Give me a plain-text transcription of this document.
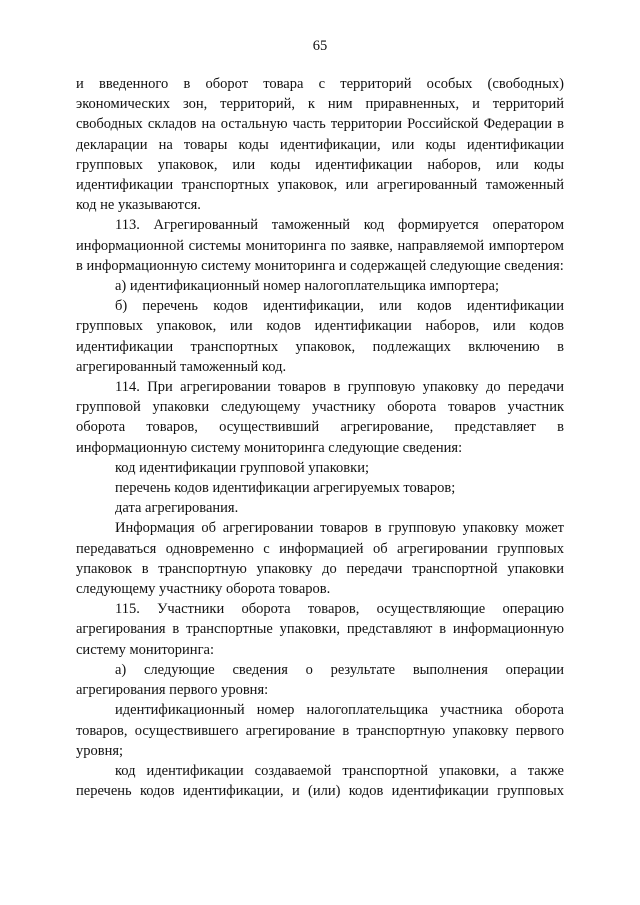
65

и введенного в оборот товара с территорий особых (свободных) экономических зон, территорий, к ним приравненных, и территорий свободных складов на остальную часть территории Российской Федерации в декларации на товары коды идентификации, или коды идентификации групповых упаковок, или коды идентификации наборов, или коды идентификации транспортных упаковок, или агрегированный таможенный код не указываются.

113. Агрегированный таможенный код формируется оператором информационной системы мониторинга по заявке, направляемой импортером в информационную систему мониторинга и содержащей следующие сведения:

а) идентификационный номер налогоплательщика импортера;

б) перечень кодов идентификации, или кодов идентификации групповых упаковок, или кодов идентификации наборов, или кодов идентификации транспортных упаковок, подлежащих включению в агрегированный таможенный код.

114. При агрегировании товаров в групповую упаковку до передачи групповой упаковки следующему участнику оборота товаров участник оборота товаров, осуществивший агрегирование, представляет в информационную систему мониторинга следующие сведения:

код идентификации групповой упаковки;

перечень кодов идентификации агрегируемых товаров;

дата агрегирования.

Информация об агрегировании товаров в групповую упаковку может передаваться одновременно с информацией об агрегировании групповых упаковок в транспортную упаковку до передачи транспортной упаковки следующему участнику оборота товаров.

115. Участники оборота товаров, осуществляющие операцию агрегирования в транспортные упаковки, представляют в информационную систему мониторинга:

а) следующие сведения о результате выполнения операции агрегирования первого уровня:

идентификационный номер налогоплательщика участника оборота товаров, осуществившего агрегирование в транспортную упаковку первого уровня;

код идентификации создаваемой транспортной упаковки, а также перечень кодов идентификации, и (или) кодов идентификации групповых
